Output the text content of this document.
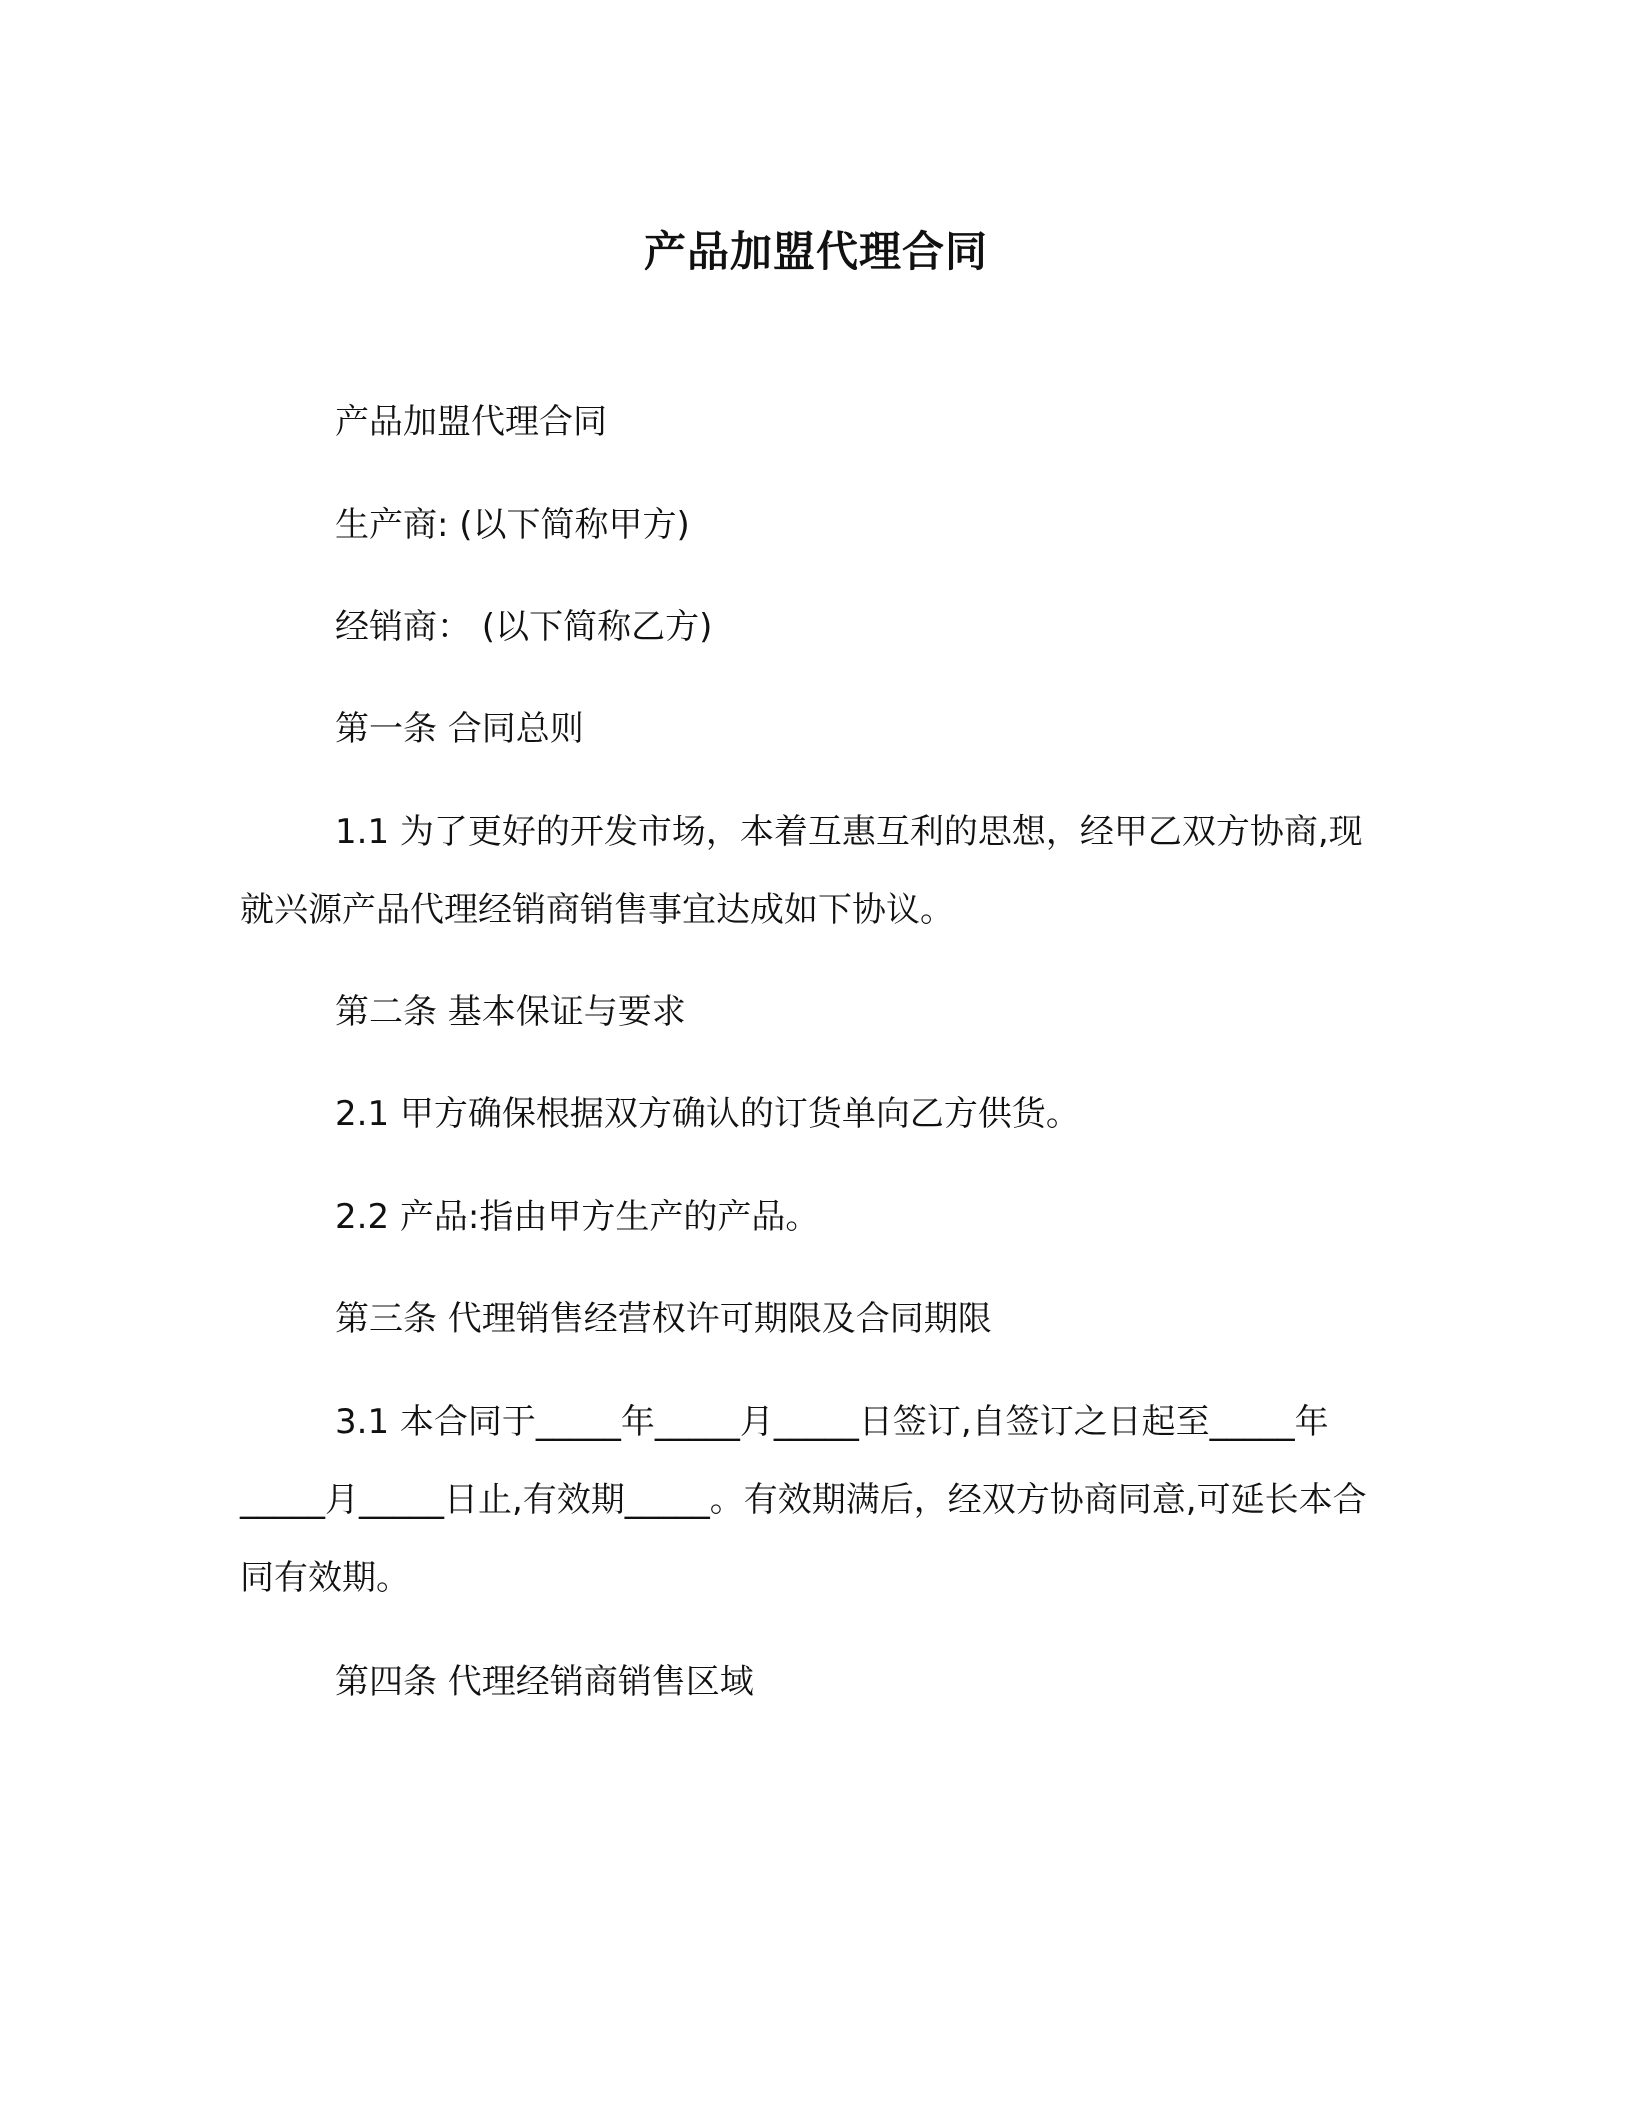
产品加盟代理合同

产品加盟代理合同

生产商: (以下简称甲方)

经销商： (以下简称乙方)

第一条 合同总则

1.1 为了更好的开发市场，本着互惠互利的思想，经甲乙双方协商,现就兴源产品代理经销商销售事宜达成如下协议。

第二条 基本保证与要求

2.1 甲方确保根据双方确认的订货单向乙方供货。

2.2 产品:指由甲方生产的产品。

第三条 代理销售经营权许可期限及合同期限

3.1 本合同于_____年_____月_____日签订,自签订之日起至_____年_____月_____日止,有效期_____。有效期满后，经双方协商同意,可延长本合同有效期。

第四条 代理经销商销售区域
